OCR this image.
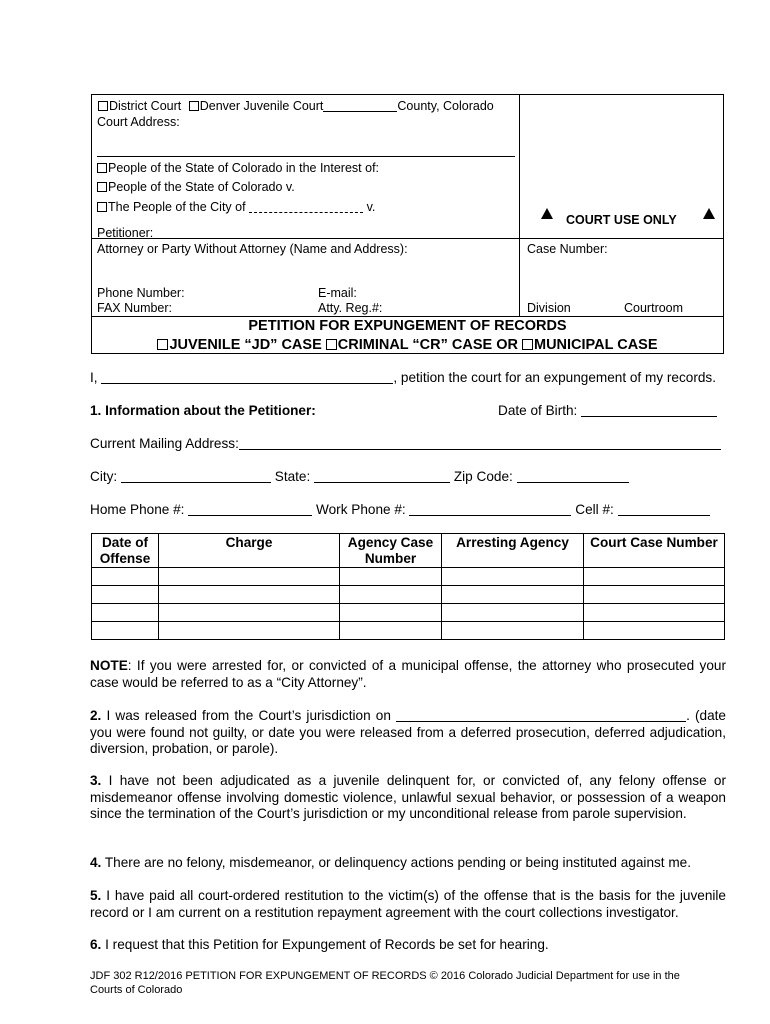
District Court Denver Juvenile Court	County, Colorado
Court Address:
People of the State of Colorado in the Interest of:
People of the State of Colorado v.
The People of the City of	v.
Petitioner:
COURT USE ONLY
Attorney or Party Without Attorney (Name and Address):	Case Number:
Phone Number:	E-mail:
FAX Number:	Atty. Reg.#:	Division	Courtroom
PETITION FOR EXPUNGEMENT OF RECORDS
JUVENILE “JD” CASE CRIMINAL “CR” CASE OR MUNICIPAL CASE
I,	, petition the court for an expungement of my records.
1. Information about the Petitioner:	Date of Birth:
Current Mailing Address:
City:	State:	Zip Code:
Home Phone #:	Work Phone #:	Cell #:
Date of Offense	Charge	Agency Case Number	Arresting Agency	Court Case Number

NOTE: If you were arrested for, or convicted of a municipal offense, the attorney who prosecuted your case would be referred to as a “City Attorney”.
2. I was released from the Court’s jurisdiction on	. (date you were found not guilty, or date you were released from a deferred prosecution, deferred adjudication, diversion, probation, or parole).
3. I have not been adjudicated as a juvenile delinquent for, or convicted of, any felony offense or misdemeanor offense involving domestic violence, unlawful sexual behavior, or possession of a weapon since the termination of the Court’s jurisdiction or my unconditional release from parole supervision.
4. There are no felony, misdemeanor, or delinquency actions pending or being instituted against me.
5. I have paid all court-ordered restitution to the victim(s) of the offense that is the basis for the juvenile record or I am current on a restitution repayment agreement with the court collections investigator.
6. I request that this Petition for Expungement of Records be set for hearing.
JDF 302 R12/2016 PETITION FOR EXPUNGEMENT OF RECORDS © 2016 Colorado Judicial Department for use in the
Courts of Colorado
